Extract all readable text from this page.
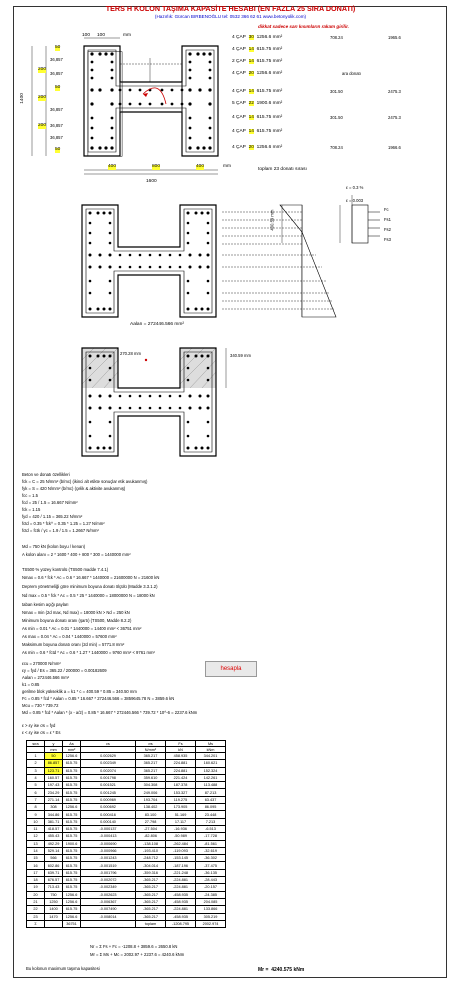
TERS H KOLON TAŞIMA KAPASİTE HESABI (EN FAZLA 25 SIRA DONATI)
(Hazırlık: Gürcan BIRBENOĞLU tel: 0532 366 62 61 www.betonyolik.com)
dikkat sadece sarı kısımların rakam girilir.
100 100	mm
1400
50
50
50
200
200
200
36,857
36,857
36,857
36,857
36,857
400	800	400	mm
1600
4 ÇAP 30 1256.6 mm²
4 ÇAP 14 615.75 mm²
2 ÇAP 14 615.75 mm²
4 ÇAP 20 1256.6 mm²
4 ÇAP 14 615.75 mm²
5 ÇAP 22 1900.6 mm²
4 ÇAP 14 615.75 mm²
4 ÇAP 14 615.75 mm²
4 ÇAP 20 1256.6 mm²
708.24	1965.6
301.50	2475.3
301.50	2475.3
708.24	1966.6
ara donatı
toplam 23 donatı sırası
ε = 0.3 %
ε = 0.003
Fc
Fs1
Fs2
Fs3
400.59 mm
Aalan = 272446.566 mm²
270.28 mm	340.59 mm
Beton ve donatı özellikleri
fck = C = 25 N/mm² (b/mc) (ikinci alt etikte sonuçlar etik avukanmış)
fyk = S = 420 N/mm² (b/mc) (çelik & aktivite avukanmış)
fcc = 1.5
fcd = 25 / 1.5 = 16.667 N/mm²
fck = 1.15
fyd = 420 / 1.15 = 365.22 N/mm²
fctd = 0.35 * fck^ = 0.35 * 1.25 = 1.27 N/mm²
fctd = fctk / γc = 1.9 / 1.5 = 1.2667 N/mm²
Md = 750 kN (kolon boyu / kenarı)
A kolon alanı = 2 * 1600 * 400 + 800 * 300 = 1440000 mm²
TS500 % yüzey kontrolü (TS500 madde 7.4.1)
Nmax = 0.6 * fck * Ac = 0.6 * 16.667 * 1440000 = 21600000 N = 21600 kN
Deprem yönetmeliği göre minimum boyuna donatı ölçülü (Madde 3.3.1.2)
Nd max = 0.5 * fck * Ac = 0.5 * 25 * 1440000 = 18000000 N = 18000 kN
taban kesim açığı payları
Nmax = min (2d max, Nd max) = 18000 kN > Nd = 250 kN
Minimum boyuna donatı oranı (şartı) (TS500, Madde 8.2.2)
As min = 0.01 * Ac = 0.01 * 1440000 = 14400 mm² < 36751 mm²
As max = 0.04 * Ac = 0.04 * 1440000 = 57600 mm²
Maksimum boyuna donatı oranı (2d min) = 5771.8 mm²
As min = 0.6 * fctd * Ac = 0.6 * 1.27 * 1440000 = 9760 mm² < 9761 mm²
εcu = 270000 N/mm²
εy = fyd / Es = 365.22 / 200000 = 0.00182609
Aalan = 272446.566 mm²
k1 = 0.85
gerilme blok yükseklik a = k1 * c = 400.59 * 0.85 = 340.50 mm
Fc = 0.85 * fcd * Aalan = 0.85 * 16.667 * 272446.566 = 3859645.78 N = 3859.6 kN
Mcu = 730 * 739.72
Md = 0.85 * fcd * Aalan * (x - a/2) = 0.85 * 16.667 * 272446.566 * 739.72 * 10^-6 = 2237.6 kNm
hesapla
ε > εy ise σs = fyd
ε < εy ise σs = ε * Es
sıra	y	As	εs	σs	Fs	Ms
	mm	mm²		N/mm²	kN	kNm
1	50	1256.6	0.002629	365.217	458.935	344.201
2	86.857	615.75	0.002349	365.217	224.881	160.621
3	123.71	615.75	0.002074	365.217	224.881	152.324
4	160.57	615.75	0.001798	359.610	221.424	142.261
5	197.43	615.75	0.001521	304.308	187.378	113.488
6	234.29	615.75	0.001245	249.006	153.327	87.213
7	271.14	615.75	0.000969	193.704	119.275	63.437
8	308	1256.6	0.000692	138.402	173.905	86.095
9	344.86	615.75	0.000416	83.100	51.169	23.448
10	381.71	615.75	0.000140	27.798	17.117	7.213
11	418.57	615.75	-0.000137	-27.504	-16.936	-6.513
12	455.43	615.75	-0.000413	-82.806	-50.989	-17.728
13	492.29	1900.6	-0.000690	-138.108	-262.484	-81.561
14	529.14	615.75	-0.000966	-193.410	-119.093	-32.619
15	566	615.75	-0.001243	-248.712	-153.145	-36.302
16	602.86	615.75	-0.001519	-304.014	-187.196	-37.475
17	639.71	615.75	-0.001796	-359.316	-221.248	-36.135
18	676.57	615.75	-0.002072	-365.217	-224.881	-28.443
19	713.43	615.75	-0.002349	-365.217	-224.881	-20.157
20	750	1256.6	-0.002623	-365.217	-458.935	-24.385
21	1250	1256.6	-0.006367	-365.217	-458.935	204.085
22	1400	615.75	-0.007490	-365.217	-224.881	133.866
23	1470	1256.6	-0.008014	-365.217	-458.935	305.219
Σ		36751		toplam	-1208.795	2002.974
Nr = Σ Fs + Fc = -1208.8 + 3859.6 = 2650.8 kN
Mr = Σ Ms + Mc = 2002.97 + 2237.6 = 4240.6 kNm
Bu kolonun maximum taşıma kapasitesi	Mr = 4240.575 kNm
